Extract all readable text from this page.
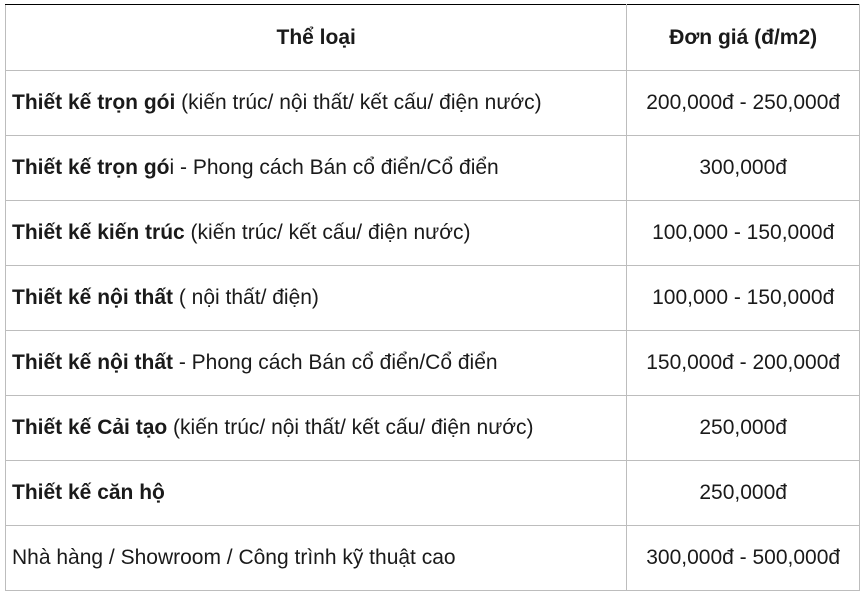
Thể loại	Đơn giá (đ/m2)
Thiết kế trọn gói (kiến trúc/ nội thất/ kết cấu/ điện nước)	200,000đ - 250,000đ
Thiết kế trọn gói - Phong cách Bán cổ điển/Cổ điển	300,000đ
Thiết kế kiến trúc (kiến trúc/ kết cấu/ điện nước)	100,000 - 150,000đ
Thiết kế nội thất ( nội thất/ điện)	100,000 - 150,000đ
Thiết kế nội thất - Phong cách Bán cổ điển/Cổ điển	150,000đ - 200,000đ
Thiết kế Cải tạo (kiến trúc/ nội thất/ kết cấu/ điện nước)	250,000đ
Thiết kế căn hộ	250,000đ
Nhà hàng / Showroom / Công trình kỹ thuật cao	300,000đ - 500,000đ
